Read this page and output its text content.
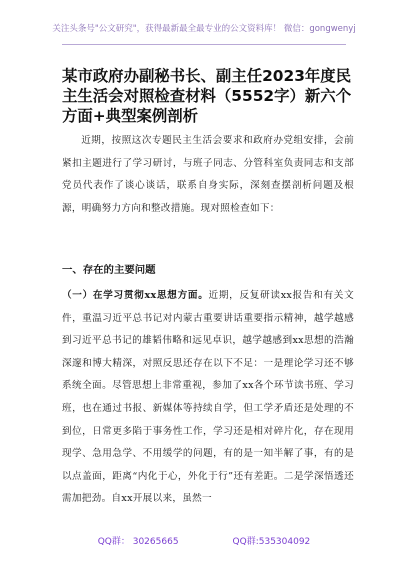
关注头条号"公文研究"，获得最新最全最专业的公文资料库！ 微信：gongwenyj
某市政府办副秘书长、副主任2023年度民主生活会对照检查材料（5552字）新六个方面+典型案例剖析
近期，按照这次专题民主生活会要求和政府办党组安排，会前紧扣主题进行了学习研讨，与班子同志、分管科室负责同志和支部党员代表作了谈心谈话，联系自身实际，深刻查摆剖析问题及根源，明确努力方向和整改措施。现对照检查如下：
一、存在的主要问题
（一）在学习贯彻xx思想方面。近期，反复研读xx报告和有关文件，重温习近平总书记对内蒙古重要讲话重要指示精神，越学越感到习近平总书记的雄韬伟略和远见卓识，越学越感到xx思想的浩瀚深邃和博大精深，对照反思还存在以下不足：一是理论学习还不够系统全面。尽管思想上非常重视，参加了xx各个环节读书班、学习班，也在通过书报、新媒体等持续自学，但工学矛盾还是处理的不到位，日常更多陷于事务性工作，学习还是相对碎片化，存在现用现学、急用急学、不用缓学的问题，有的是一知半解了事，有的是以点盖面，距离“内化于心，外化于行”还有差距。二是学深悟透还需加把劲。自xx开展以来，虽然一
QQ群： 30265665	QQ群:535304092
